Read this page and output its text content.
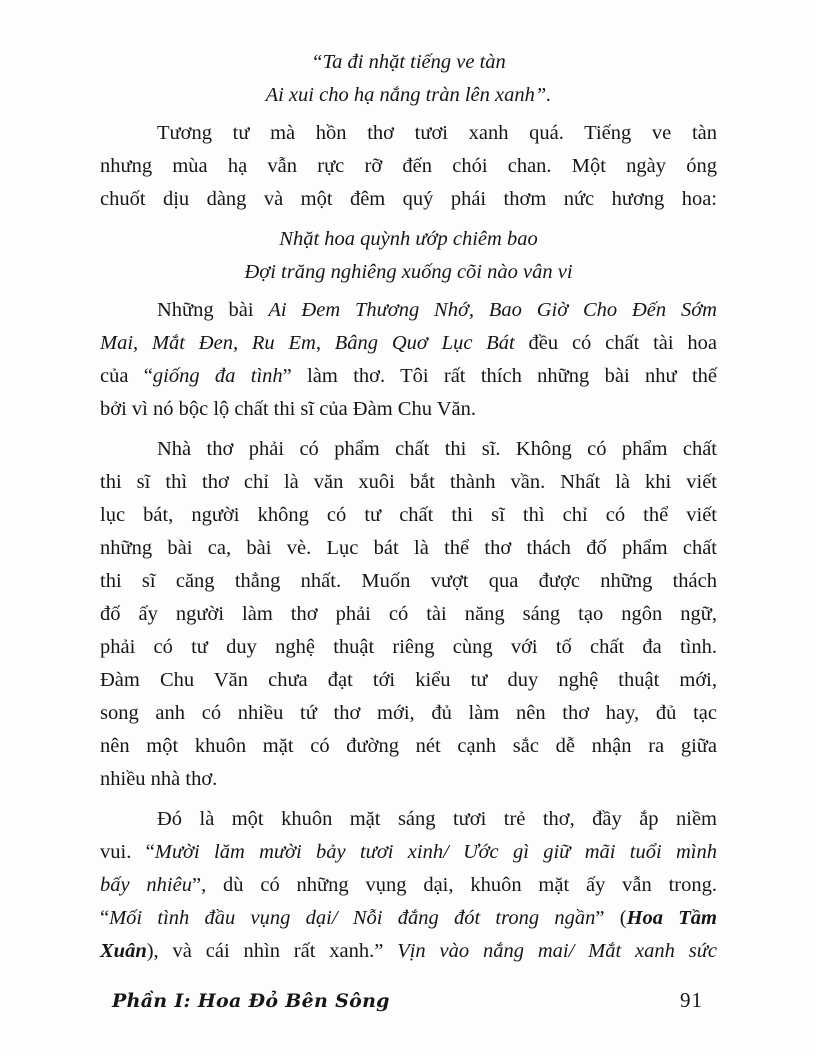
“Ta đi nhặt tiếng ve tàn
Ai xui cho hạ nắng tràn lên xanh”.

Tương tư mà hồn thơ tươi xanh quá. Tiếng ve tàn
nhưng mùa hạ vẫn rực rỡ đến chói chan. Một ngày óng
chuốt dịu dàng và một đêm quý phái thơm nức hương hoa:

Nhặt hoa quỳnh ướp chiêm bao
Đợi trăng nghiêng xuống cõi nào vân vi

Những bài Ai Đem Thương Nhớ, Bao Giờ Cho Đến Sớm
Mai, Mắt Đen, Ru Em, Bâng Quơ Lục Bát đều có chất tài hoa
của “giống đa tình” làm thơ. Tôi rất thích những bài như thế
bởi vì nó bộc lộ chất thi sĩ của Đàm Chu Văn.

Nhà thơ phải có phẩm chất thi sĩ. Không có phẩm chất
thi sĩ thì thơ chỉ là văn xuôi bắt thành vần. Nhất là khi viết
lục bát, người không có tư chất thi sĩ thì chỉ có thể viết
những bài ca, bài vè. Lục bát là thể thơ thách đố phẩm chất
thi sĩ căng thẳng nhất. Muốn vượt qua được những thách
đố ấy người làm thơ phải có tài năng sáng tạo ngôn ngữ,
phải có tư duy nghệ thuật riêng cùng với tố chất đa tình.
Đàm Chu Văn chưa đạt tới kiểu tư duy nghệ thuật mới,
song anh có nhiều tứ thơ mới, đủ làm nên thơ hay, đủ tạc
nên một khuôn mặt có đường nét cạnh sắc dễ nhận ra giữa
nhiều nhà thơ.

Đó là một khuôn mặt sáng tươi trẻ thơ, đầy ắp niềm
vui. “Mười lăm mười bảy tươi xinh/ Ước gì giữ mãi tuổi mình
bấy nhiêu”, dù có những vụng dại, khuôn mặt ấy vẫn trong.
“Mối tình đầu vụng dại/ Nỗi đắng đót trong ngần” (Hoa Tầm
Xuân), và cái nhìn rất xanh.” Vịn vào nắng mai/ Mắt xanh sức

Phần I: Hoa Đỏ Bên Sông	91
